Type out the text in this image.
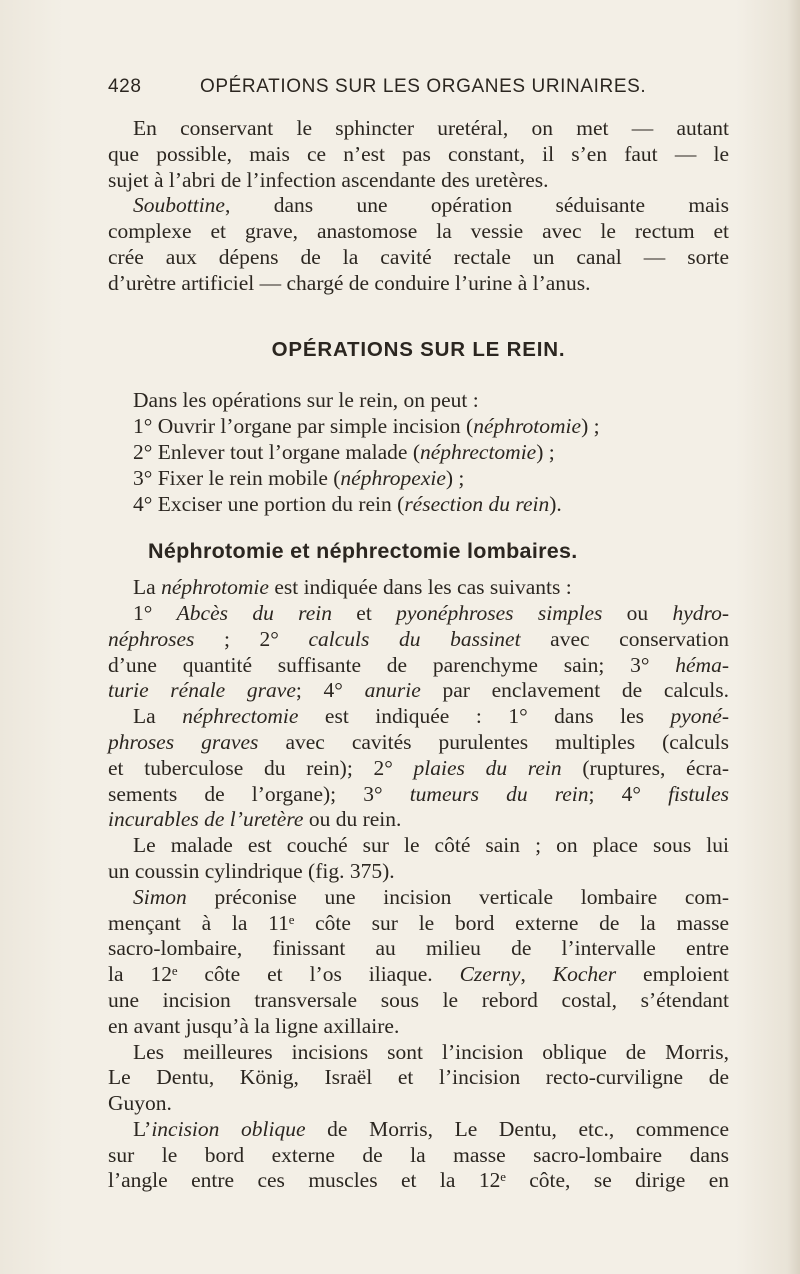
428	OPÉRATIONS SUR LES ORGANES URINAIRES.
En conservant le sphincter uretéral, on met — autant
que possible, mais ce n’est pas constant, il s’en faut — le
sujet à l’abri de l’infection ascendante des uretères.
Soubottine, dans une opération séduisante mais
complexe et grave, anastomose la vessie avec le rectum et
crée aux dépens de la cavité rectale un canal — sorte
d’urètre artificiel — chargé de conduire l’urine à l’anus.
OPÉRATIONS SUR LE REIN.
Dans les opérations sur le rein, on peut :
1° Ouvrir l’organe par simple incision (néphrotomie) ;
2° Enlever tout l’organe malade (néphrectomie) ;
3° Fixer le rein mobile (néphropexie) ;
4° Exciser une portion du rein (résection du rein).
Néphrotomie et néphrectomie lombaires.
La néphrotomie est indiquée dans les cas suivants :
1° Abcès du rein et pyonéphroses simples ou hydro-
néphroses ; 2° calculs du bassinet avec conservation
d’une quantité suffisante de parenchyme sain; 3° héma-
turie rénale grave; 4° anurie par enclavement de calculs.
La néphrectomie est indiquée : 1° dans les pyoné-
phroses graves avec cavités purulentes multiples (calculs
et tuberculose du rein); 2° plaies du rein (ruptures, écra-
sements de l’organe); 3° tumeurs du rein; 4° fistules
incurables de l’uretère ou du rein.
Le malade est couché sur le côté sain ; on place sous lui
un coussin cylindrique (fig. 375).
Simon préconise une incision verticale lombaire com-
mençant à la 11ᵉ côte sur le bord externe de la masse
sacro-lombaire, finissant au milieu de l’intervalle entre
la 12ᵉ côte et l’os iliaque. Czerny, Kocher emploient
une incision transversale sous le rebord costal, s’étendant
en avant jusqu’à la ligne axillaire.
Les meilleures incisions sont l’incision oblique de Morris,
Le Dentu, König, Israël et l’incision recto-curviligne de
Guyon.
L’incision oblique de Morris, Le Dentu, etc., commence
sur le bord externe de la masse sacro-lombaire dans
l’angle entre ces muscles et la 12ᵉ côte, se dirige en
